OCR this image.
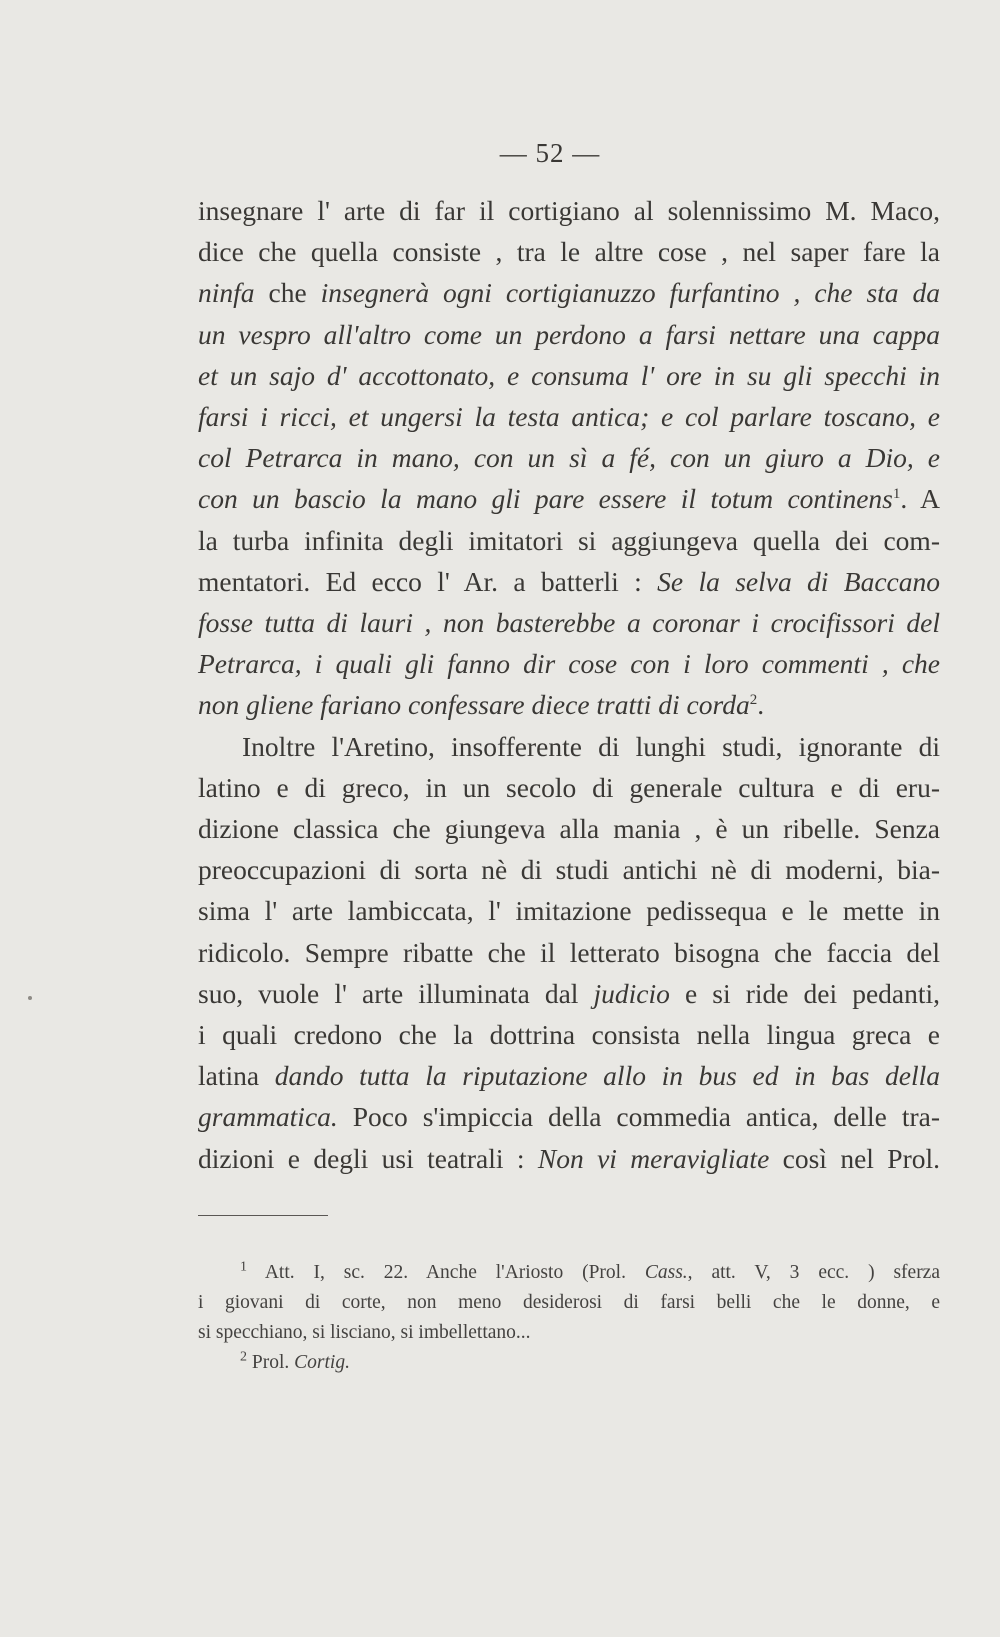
— 52 —
insegnare l' arte di far il cortigiano al solennissimo M. Maco,
dice che quella consiste , tra le altre cose , nel saper fare la
ninfa che insegnerà ogni cortigianuzzo furfantino , che sta da
un vespro all'altro come un perdono a farsi nettare una cappa
et un sajo d' accottonato, e consuma l' ore in su gli specchi in
farsi i ricci, et ungersi la testa antica; e col parlare toscano, e
col Petrarca in mano, con un sì a fé, con un giuro a Dio, e
con un bascio la mano gli pare essere il totum continens$^1$. A
la turba infinita degli imitatori si aggiungeva quella dei com-
mentatori. Ed ecco l' Ar. a batterli : Se la selva di Baccano
fosse tutta di lauri , non basterebbe a coronar i crocifissori del
Petrarca, i quali gli fanno dir cose con i loro commenti , che
non gliene fariano confessare diece tratti di corda$^2$.
Inoltre l'Aretino, insofferente di lunghi studi, ignorante di
latino e di greco, in un secolo di generale cultura e di eru-
dizione classica che giungeva alla mania , è un ribelle. Senza
preoccupazioni di sorta nè di studi antichi nè di moderni, bia-
sima l' arte lambiccata, l' imitazione pedissequa e le mette in
ridicolo. Sempre ribatte che il letterato bisogna che faccia del
suo, vuole l' arte illuminata dal judicio e si ride dei pedanti,
i quali credono che la dottrina consista nella lingua greca e
latina dando tutta la riputazione allo in bus ed in bas della
grammatica. Poco s'impiccia della commedia antica, delle tra-
dizioni e degli usi teatrali : Non vi meravigliate così nel Prol.
$^1$ Att. I, sc. 22. Anche l'Ariosto (Prol. Cass., att. V, 3 ecc. ) sferza
i giovani di corte, non meno desiderosi di farsi belli che le donne, e
si specchiano, si lisciano, si imbellettano...
$^2$ Prol. Cortig.
